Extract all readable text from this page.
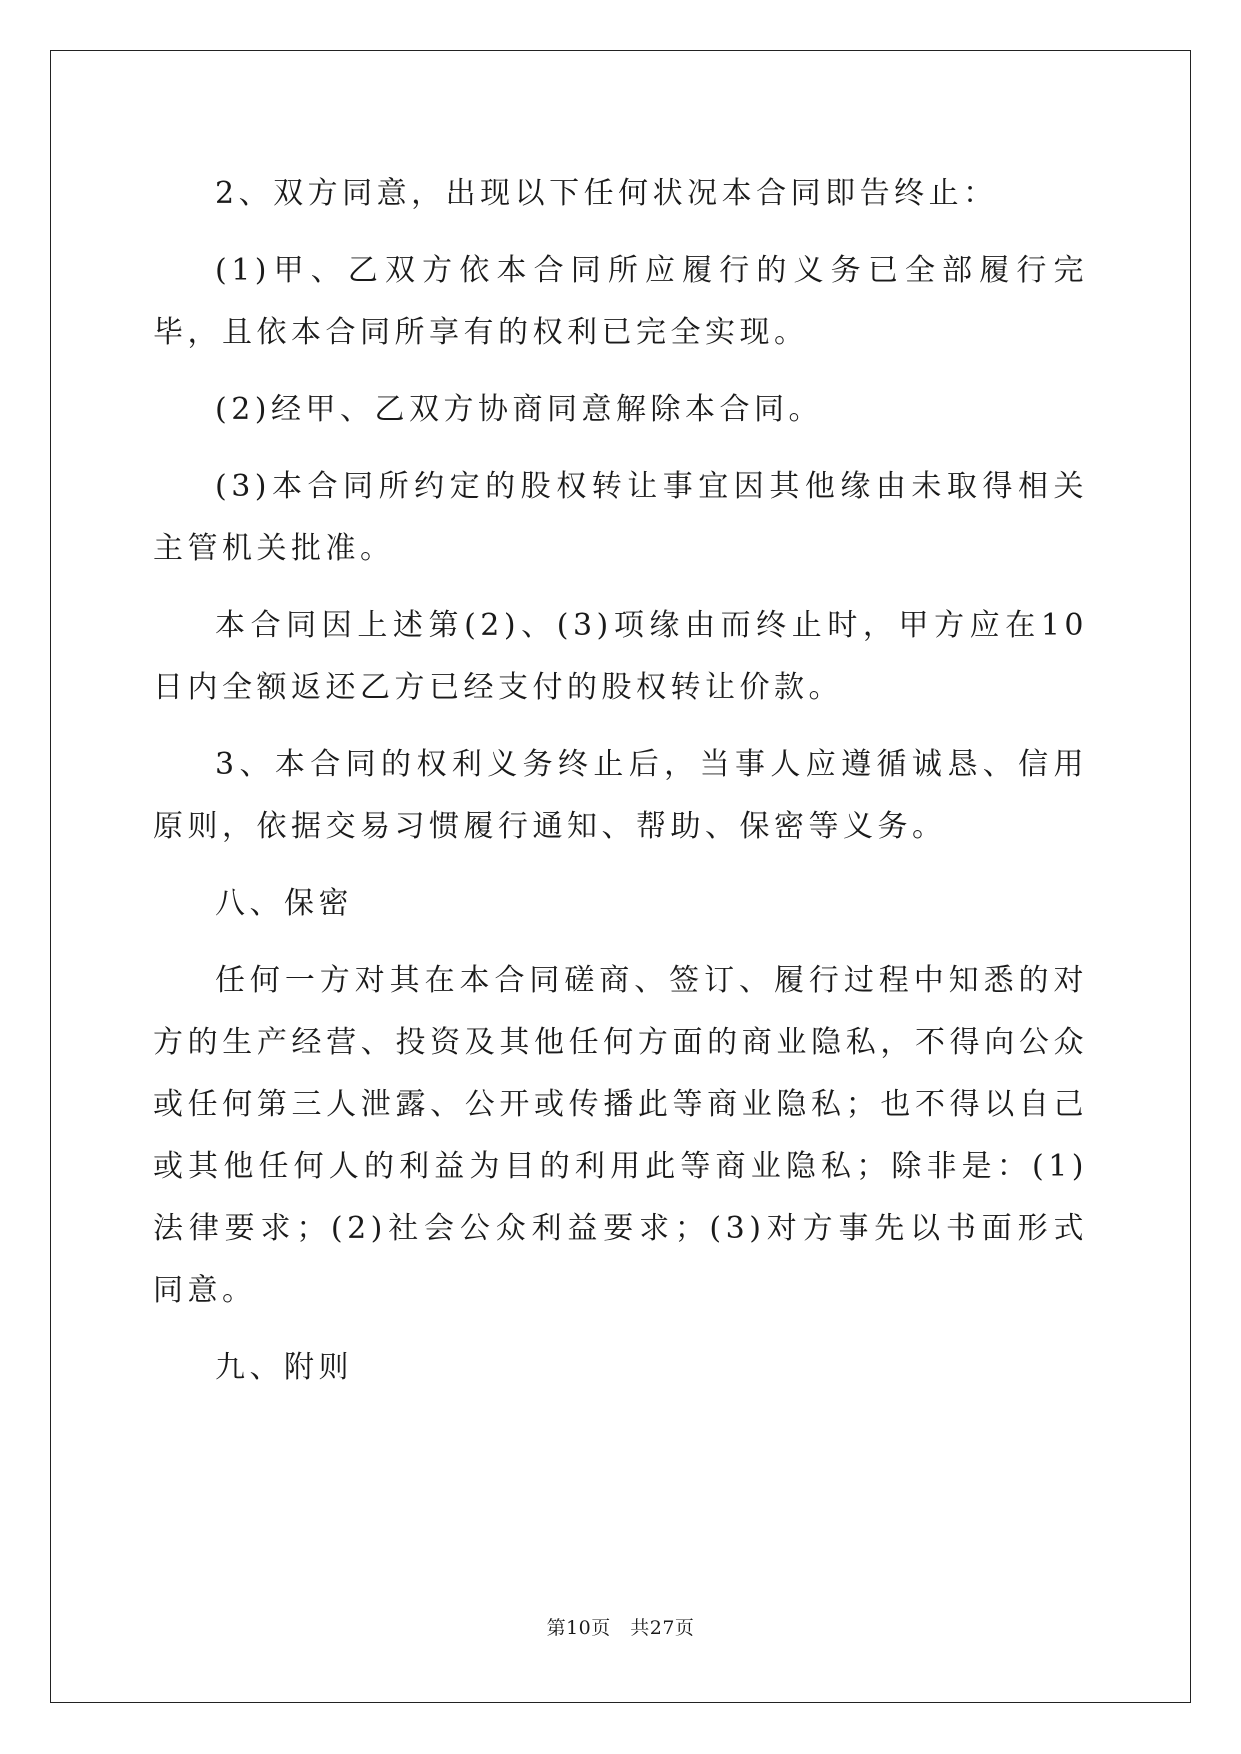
2、双方同意，出现以下任何状况本合同即告终止：

(1)甲、乙双方依本合同所应履行的义务已全部履行完毕，且依本合同所享有的权利已完全实现。

(2)经甲、乙双方协商同意解除本合同。

(3)本合同所约定的股权转让事宜因其他缘由未取得相关主管机关批准。

本合同因上述第(2)、(3)项缘由而终止时，甲方应在10日内全额返还乙方已经支付的股权转让价款。

3、本合同的权利义务终止后，当事人应遵循诚恳、信用原则，依据交易习惯履行通知、帮助、保密等义务。

八、保密

任何一方对其在本合同磋商、签订、履行过程中知悉的对方的生产经营、投资及其他任何方面的商业隐私，不得向公众或任何第三人泄露、公开或传播此等商业隐私；也不得以自己或其他任何人的利益为目的利用此等商业隐私；除非是：(1)法律要求；(2)社会公众利益要求；(3)对方事先以书面形式同意。

九、附则

第10页　共27页
